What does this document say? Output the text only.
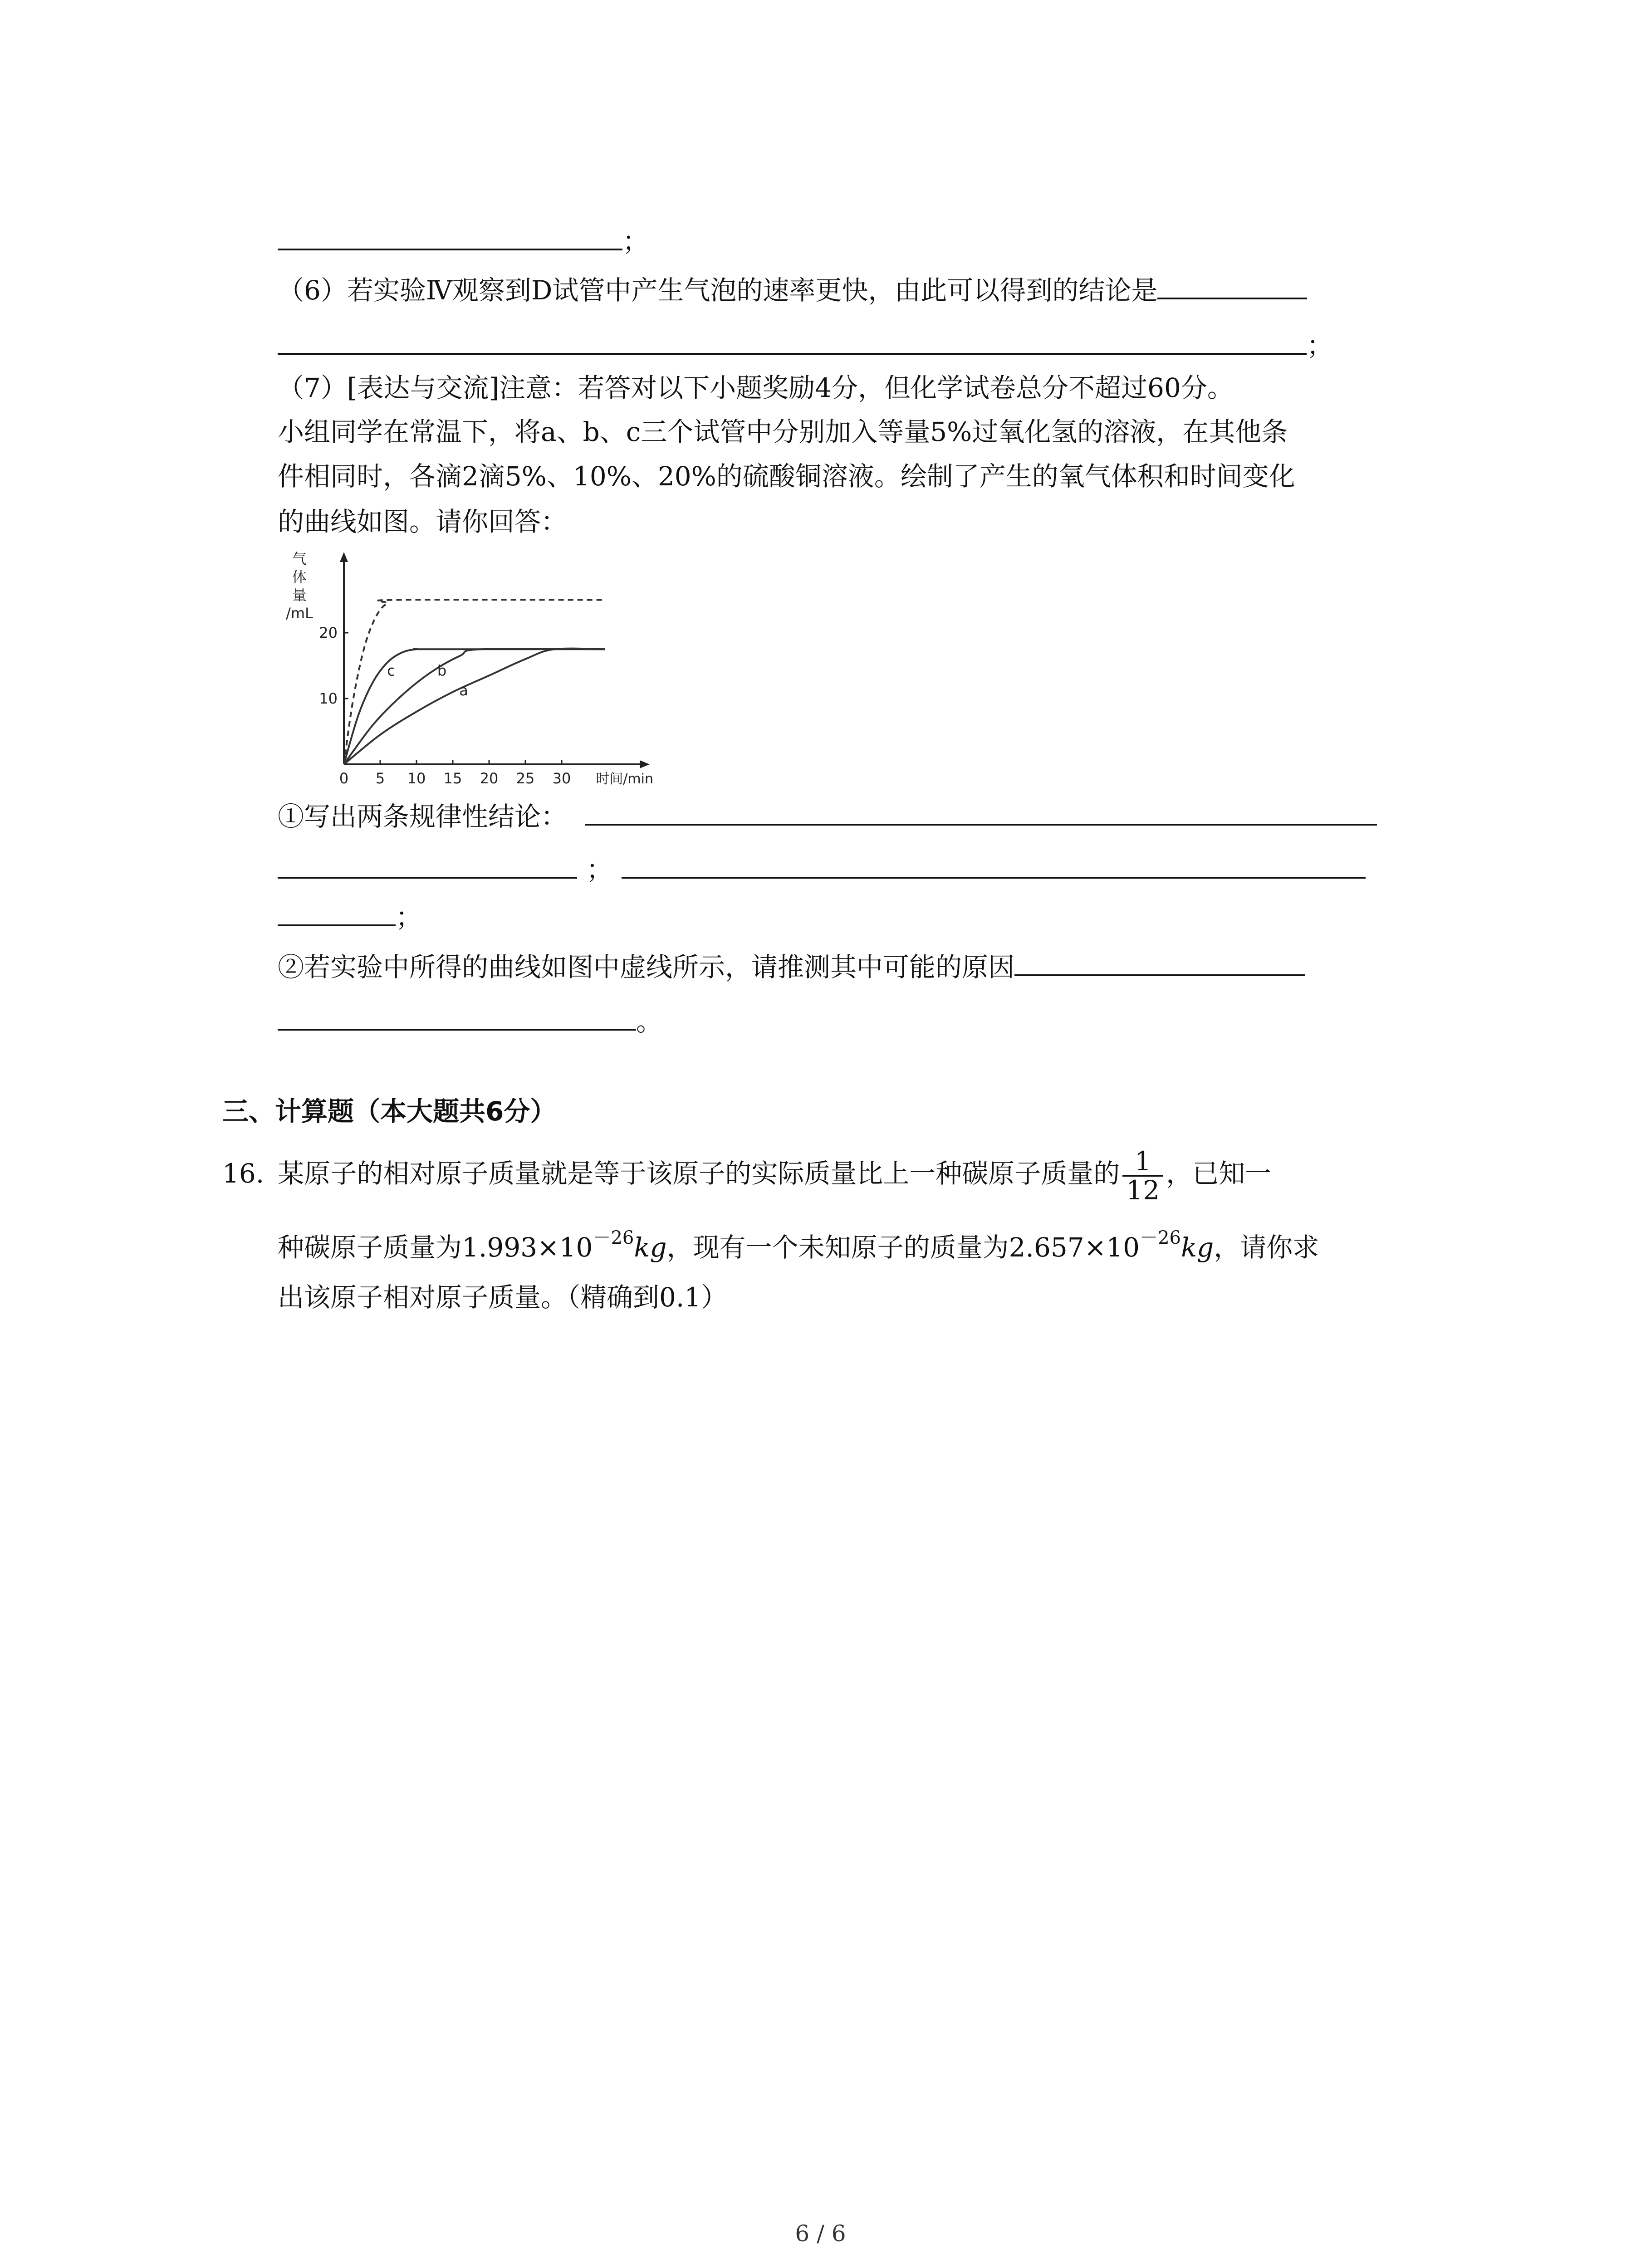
；
（6）若实验Ⅳ观察到D试管中产生气泡的速率更快，由此可以得到的结论是
；
（7）[表达与交流]注意：若答对以下小题奖励4分，但化学试卷总分不超过60分。
小组同学在常温下，将a、b、c三个试管中分别加入等量5%过氧化氢的溶液，在其他条
件相同时，各滴2滴5%、10%、20%的硫酸铜溶液。绘制了产生的氧气体积和时间变化
的曲线如图。请你回答：
0 5 10 15 20 25 30
10
20
时间/min
气
体
量
/mL
c	b
a
①写出两条规律性结论：
；
；
②若实验中所得的曲线如图中虚线所示，请推测其中可能的原因
。
三、计算题（本大题共6分）
16. 某原子的相对原子质量就是等于该原子的实际质量比上一种碳原子质量的 $\frac{1}{12}$ ，已知一
种碳原子质量为$1.993\times 10^{-26}kg$，现有一个未知原子的质量为$2.657\times 10^{-26}kg$，请你求
出该原子相对原子质量。（精确到0.1）
6 / 6
